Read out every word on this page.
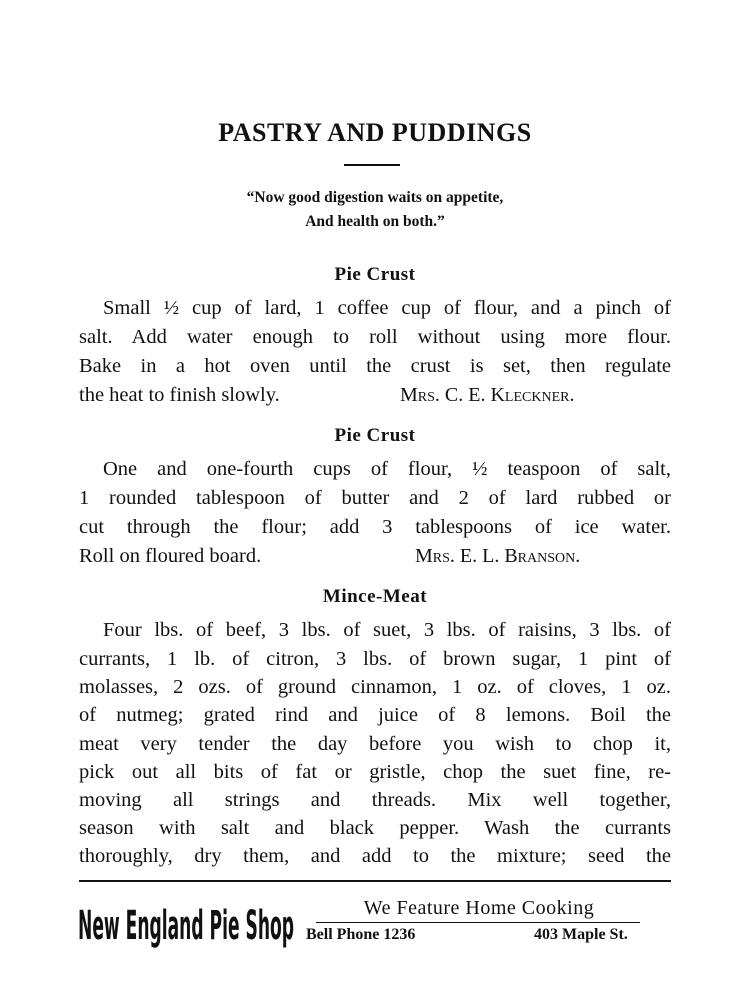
PASTRY AND PUDDINGS
“Now good digestion waits on appetite,
And health on both.”
Pie Crust
Small ½ cup of lard, 1 coffee cup of flour, and a pinch of
salt. Add water enough to roll without using more flour.
Bake in a hot oven until the crust is set, then regulate
the heat to finish slowly.	Mrs. C. E. Kleckner.
Pie Crust
One and one-fourth cups of flour, ½ teaspoon of salt,
1 rounded tablespoon of butter and 2 of lard rubbed or
cut through the flour; add 3 tablespoons of ice water.
Roll on floured board.	Mrs. E. L. Branson.
Mince-Meat
Four lbs. of beef, 3 lbs. of suet, 3 lbs. of raisins, 3 lbs. of
currants, 1 lb. of citron, 3 lbs. of brown sugar, 1 pint of
molasses, 2 ozs. of ground cinnamon, 1 oz. of cloves, 1 oz.
of nutmeg; grated rind and juice of 8 lemons. Boil the
meat very tender the day before you wish to chop it,
pick out all bits of fat or gristle, chop the suet fine, re-
moving all strings and threads. Mix well together,
season with salt and black pepper. Wash the currants
thoroughly, dry them, and add to the mixture; seed the
New England Pie Shop	We Feature Home Cooking
Bell Phone 1236	403 Maple St.
